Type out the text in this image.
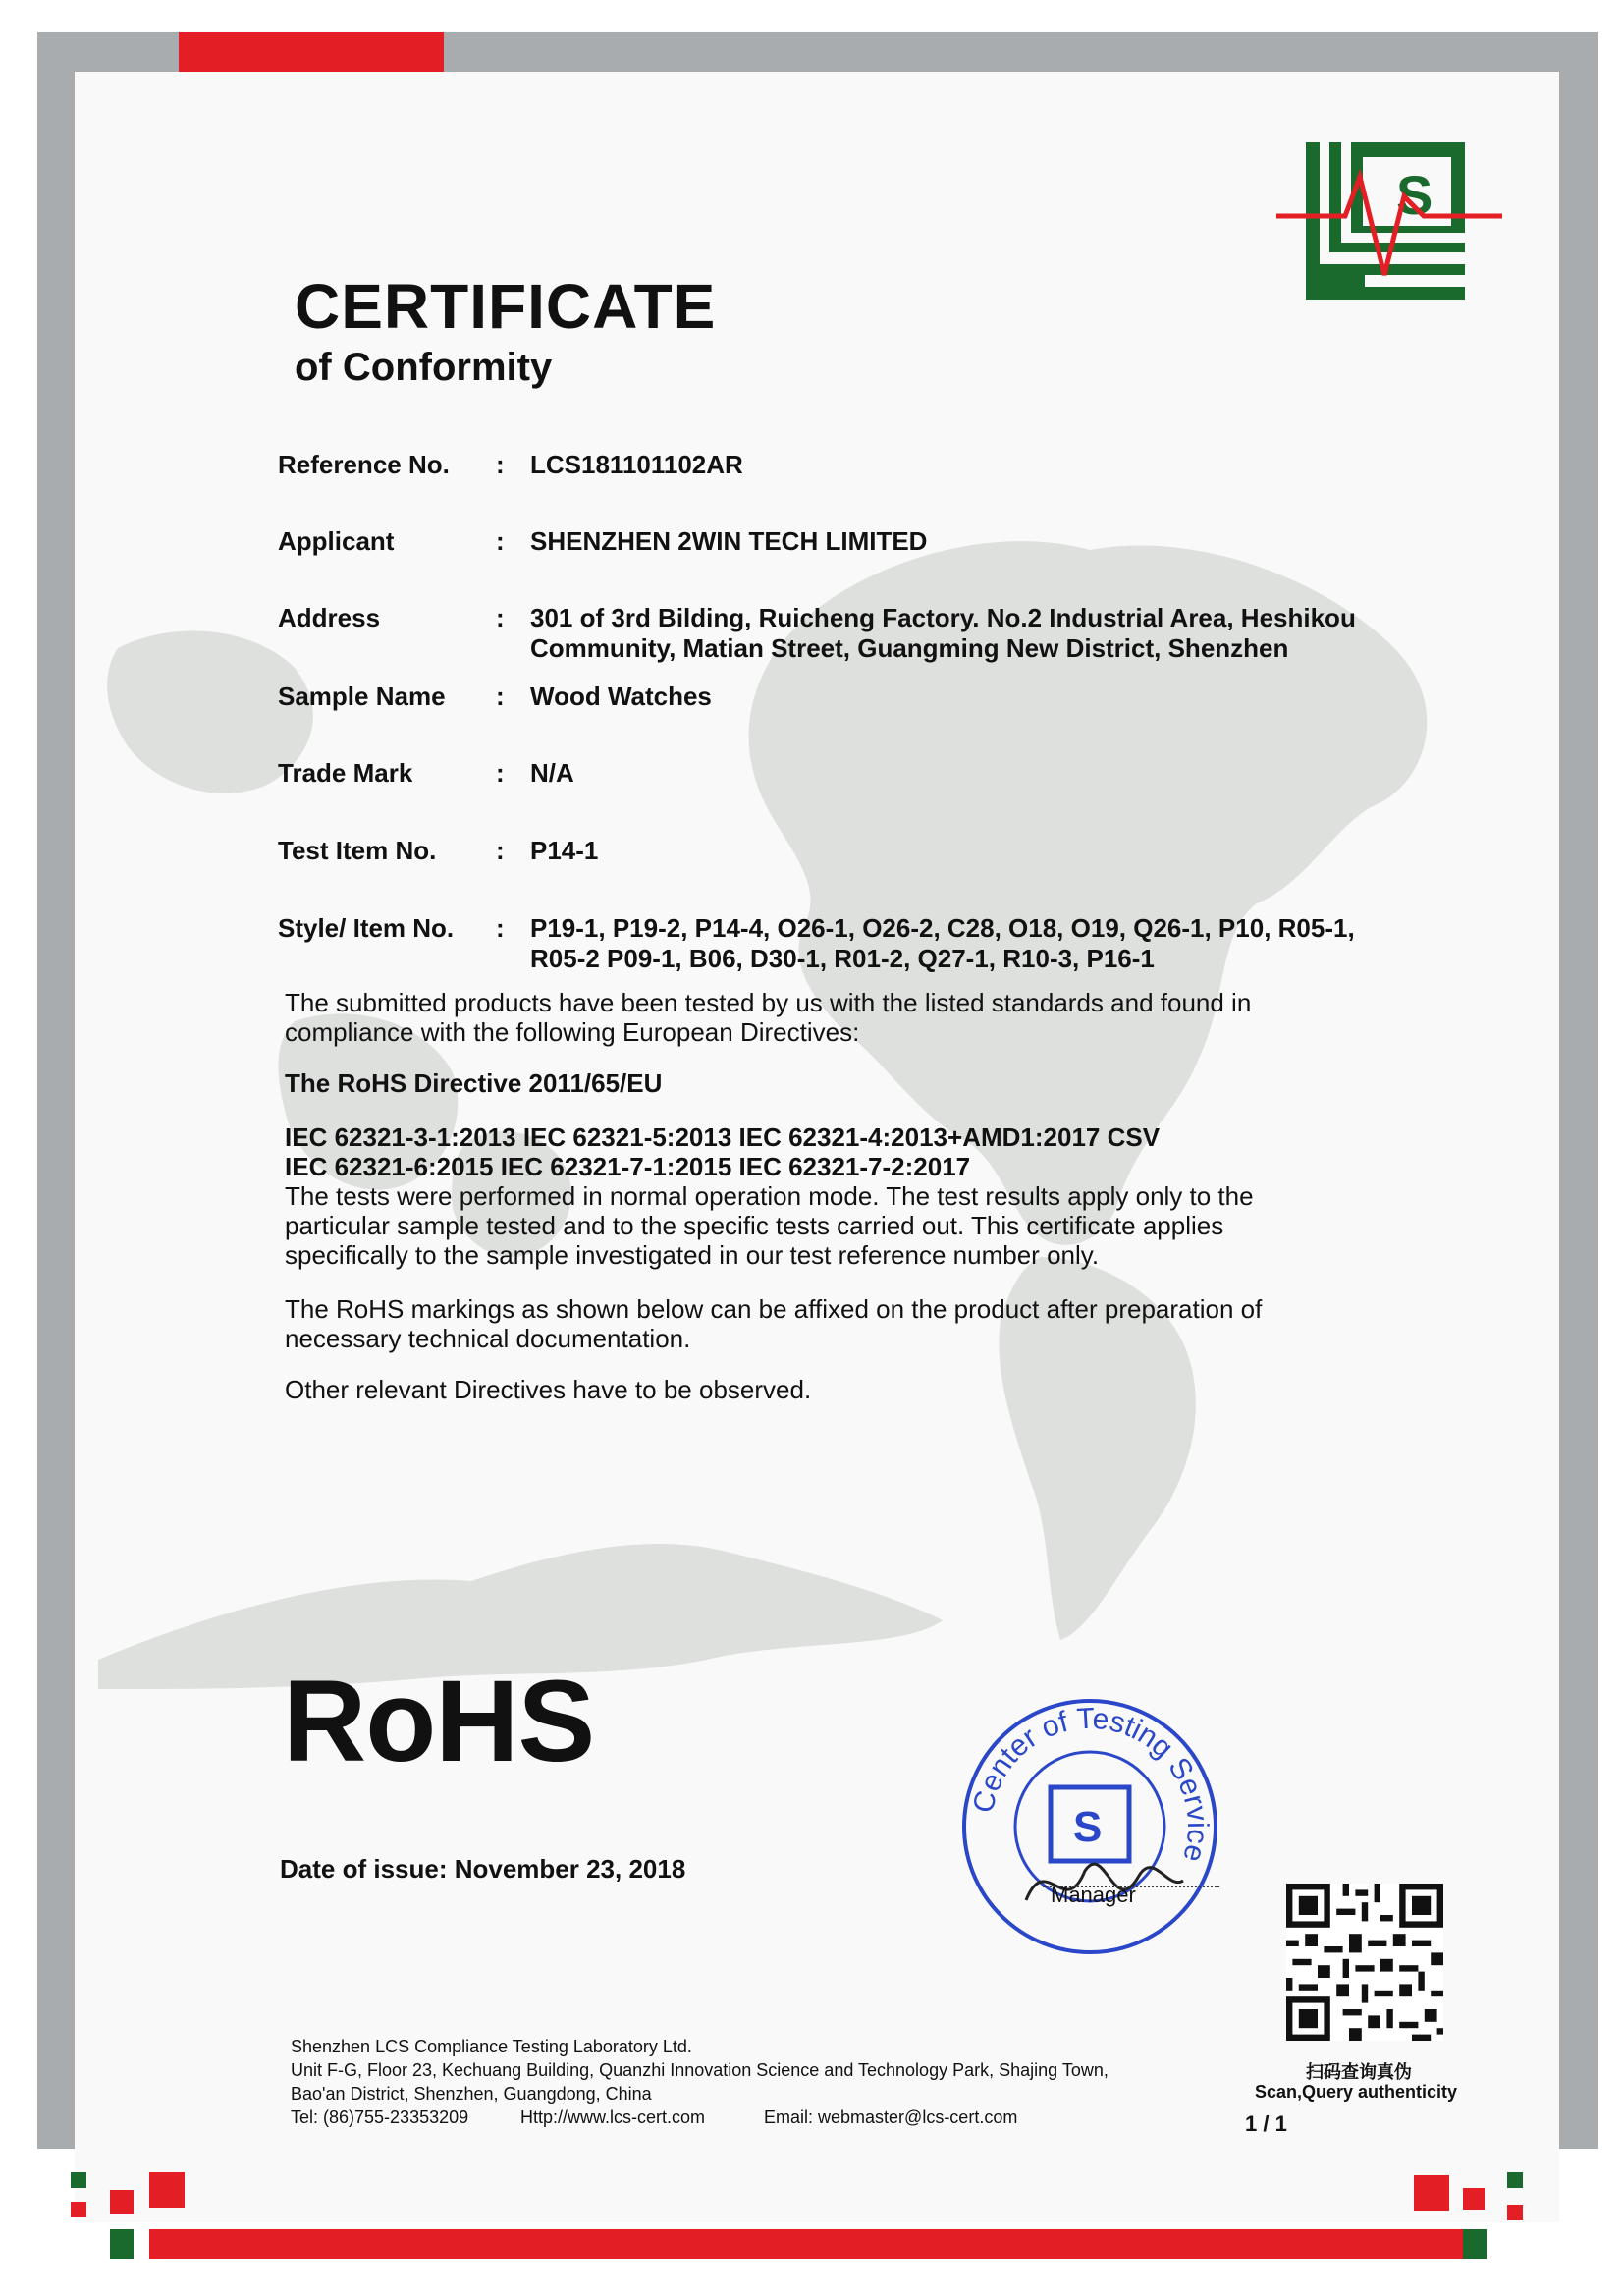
S
CERTIFICATE
of Conformity
Reference No. : LCS181101102AR
Applicant	: SHENZHEN 2WIN TECH LIMITED
Address	: 301 of 3rd Bilding, Ruicheng Factory. No.2 Industrial Area, Heshikou Community, Matian Street, Guangming New District, Shenzhen
Sample Name : Wood Watches
Trade Mark	: N/A
Test Item No. : P14-1
Style/ Item No. : P19-1, P19-2, P14-4, O26-1, O26-2, C28, O18, O19, Q26-1, P10, R05-1, R05-2 P09-1, B06, D30-1, R01-2, Q27-1, R10-3, P16-1
The submitted products have been tested by us with the listed standards and found in compliance with the following European Directives:
The RoHS Directive 2011/65/EU
IEC 62321-3-1:2013 IEC 62321-5:2013 IEC 62321-4:2013+AMD1:2017 CSV
IEC 62321-6:2015 IEC 62321-7-1:2015 IEC 62321-7-2:2017
The tests were performed in normal operation mode. The test results apply only to the particular sample tested and to the specific tests carried out. This certificate applies specifically to the sample investigated in our test reference number only.
The RoHS markings as shown below can be affixed on the product after preparation of necessary technical documentation.
Other relevant Directives have to be observed.
RoHS
Date of issue: November 23, 2018
Center of Testing Service
S
Manager
扫码查询真伪
Scan,Query authenticity
1 / 1
Shenzhen LCS Compliance Testing Laboratory Ltd.
Unit F-G, Floor 23, Kechuang Building, Quanzhi Innovation Science and Technology Park, Shajing Town,
Bao'an District, Shenzhen, Guangdong, China
Tel: (86)755-23353209	Http://www.lcs-cert.com	Email: webmaster@lcs-cert.com
